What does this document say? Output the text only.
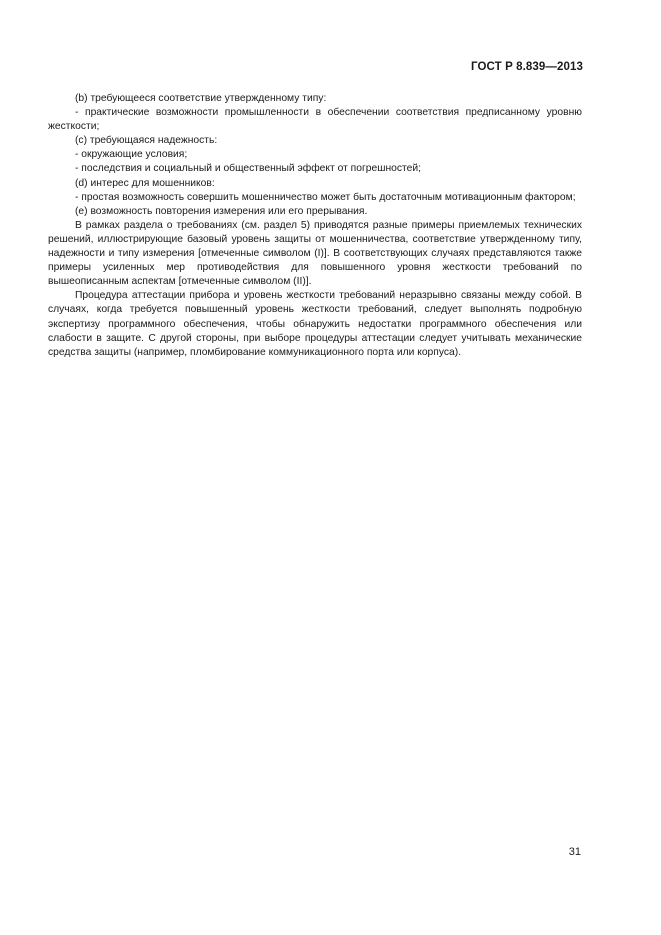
ГОСТ Р 8.839—2013

(b) требующееся соответствие утвержденному типу:

- практические возможности промышленности в обеспечении соответствия предписанному уровню жесткости;

(c) требующаяся надежность:

- окружающие условия;

- последствия и социальный и общественный эффект от погрешностей;

(d) интерес для мошенников:

- простая возможность совершить мошенничество может быть достаточным мотивационным фактором;

(е) возможность повторения измерения или его прерывания.

В рамках раздела о требованиях (см. раздел 5) приводятся разные примеры приемлемых технических решений, иллюстрирующие базовый уровень защиты от мошенничества, соответствие утвержденному типу, надежности и типу измерения [отмеченные символом (I)]. В соответствующих случаях представляются также примеры усиленных мер противодействия для повышенного уровня жесткости требований по вышеописанным аспектам [отмеченные символом (II)].

Процедура аттестации прибора и уровень жесткости требований неразрывно связаны между собой. В случаях, когда требуется повышенный уровень жесткости требований, следует выполнять подробную экспертизу программного обеспечения, чтобы обнаружить недостатки программного обеспечения или слабости в защите. С другой стороны, при выборе процедуры аттестации следует учитывать механические средства защиты (например, пломбирование коммуникационного порта или корпуса).

31
